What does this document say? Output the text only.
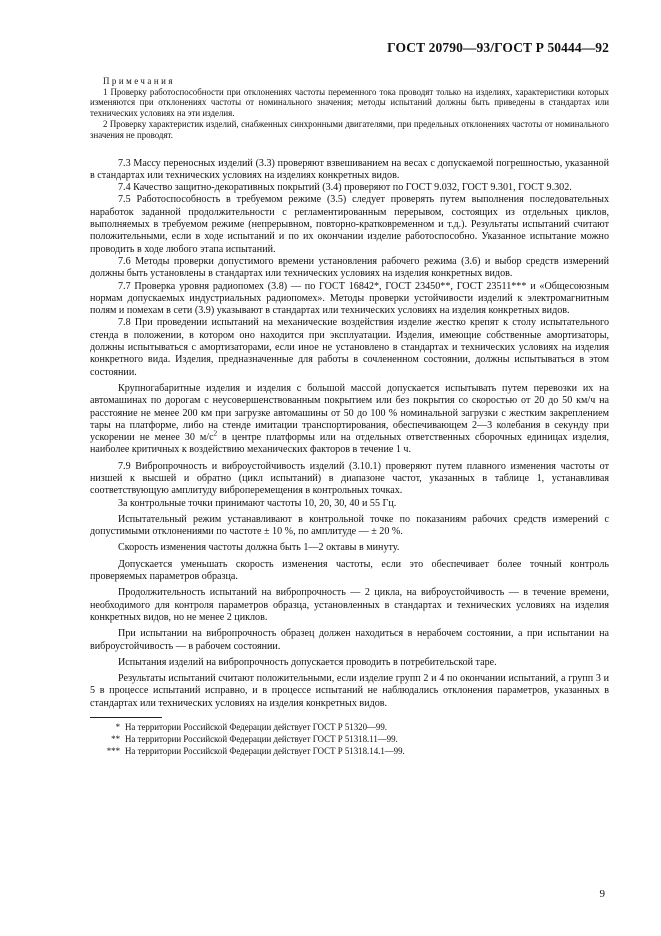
ГОСТ 20790—93/ГОСТ Р 50444—92
Примечания

1 Проверку работоспособности при отклонениях частоты переменного тока проводят только на изделиях, характеристики которых изменяются при отклонениях частоты от номинального значения; методы испытаний должны быть приведены в стандартах или технических условиях на эти изделия.

2 Проверку характеристик изделий, снабженных синхронными двигателями, при предельных отклонениях частоты от номинального значения не проводят.

7.3 Массу переносных изделий (3.3) проверяют взвешиванием на весах с допускаемой погрешностью, указанной в стандартах или технических условиях на изделиях конкретных видов.

7.4 Качество защитно-декоративных покрытий (3.4) проверяют по ГОСТ 9.032, ГОСТ 9.301, ГОСТ 9.302.

7.5 Работоспособность в требуемом режиме (3.5) следует проверять путем выполнения последовательных наработок заданной продолжительности с регламентированным перерывом, состоящих из отдельных циклов, выполняемых в требуемом режиме (непрерывном, повторно-кратковременном и т.д.). Результаты испытаний считают положительными, если в ходе испытаний и по их окончании изделие работоспособно. Указанное испытание можно проводить в ходе любого этапа испытаний.

7.6 Методы проверки допустимого времени установления рабочего режима (3.6) и выбор средств измерений должны быть установлены в стандартах или технических условиях на изделия конкретных видов.

7.7 Проверка уровня радиопомех (3.8) — по ГОСТ 16842*, ГОСТ 23450**, ГОСТ 23511*** и «Общесоюзным нормам допускаемых индустриальных радиопомех». Методы проверки устойчивости изделий к электромагнитным полям и помехам в сети (3.9) указывают в стандартах или технических условиях на изделия конкретных видов.

7.8 При проведении испытаний на механические воздействия изделие жестко крепят к столу испытательного стенда в положении, в котором оно находится при эксплуатации. Изделия, имеющие собственные амортизаторы, должны испытываться с амортизаторами, если иное не установлено в стандартах и технических условиях на изделия конкретного вида. Изделия, предназначенные для работы в сочлененном состоянии, должны испытываться в этом состоянии.

Крупногабаритные изделия и изделия с большой массой допускается испытывать путем перевозки их на автомашинах по дорогам с неусовершенствованным покрытием или без покрытия со скоростью от 20 до 50 км/ч на расстояние не менее 200 км при загрузке автомашины от 50 до 100 % номинальной загрузки с жестким закреплением тары на платформе, либо на стенде имитации транспортирования, обеспечивающем 2—3 колебания в секунду при ускорении не менее 30 $м/с^2$ в центре платформы или на отдельных ответственных сборочных единицах изделия, наиболее критичных к воздействию механических факторов в течение 1 ч.

7.9 Вибропрочность и виброустойчивость изделий (3.10.1) проверяют путем плавного изменения частоты от низшей к высшей и обратно (цикл испытаний) в диапазоне частот, указанных в таблице 1, устанавливая соответствующую амплитуду виброперемещения в контрольных точках.

За контрольные точки принимают частоты 10, 20, 30, 40 и 55 Гц.

Испытательный режим устанавливают в контрольной точке по показаниям рабочих средств измерений с допустимыми отклонениями по частоте ± 10 %, по амплитуде — ± 20 %.

Скорость изменения частоты должна быть 1—2 октавы в минуту.

Допускается уменьшать скорость изменения частоты, если это обеспечивает более точный контроль проверяемых параметров образца.

Продолжительность испытаний на вибропрочность — 2 цикла, на виброустойчивость — в течение времени, необходимого для контроля параметров образца, установленных в стандартах и технических условиях на изделия конкретных видов, но не менее 2 циклов.

При испытании на вибропрочность образец должен находиться в нерабочем состоянии, а при испытании на виброустойчивость — в рабочем состоянии.

Испытания изделий на вибропрочность допускается проводить в потребительской таре.

Результаты испытаний считают положительными, если изделие групп 2 и 4 по окончании испытаний, а групп 3 и 5 в процессе испытаний исправно, и в процессе испытаний не наблюдались отклонения параметров, указанных в стандартах или технических условиях на изделия конкретных видов.

* На территории Российской Федерации действует ГОСТ Р 51320—99.

** На территории Российской Федерации действует ГОСТ Р 51318.11—99.

*** На территории Российской Федерации действует ГОСТ Р 51318.14.1—99.

9
